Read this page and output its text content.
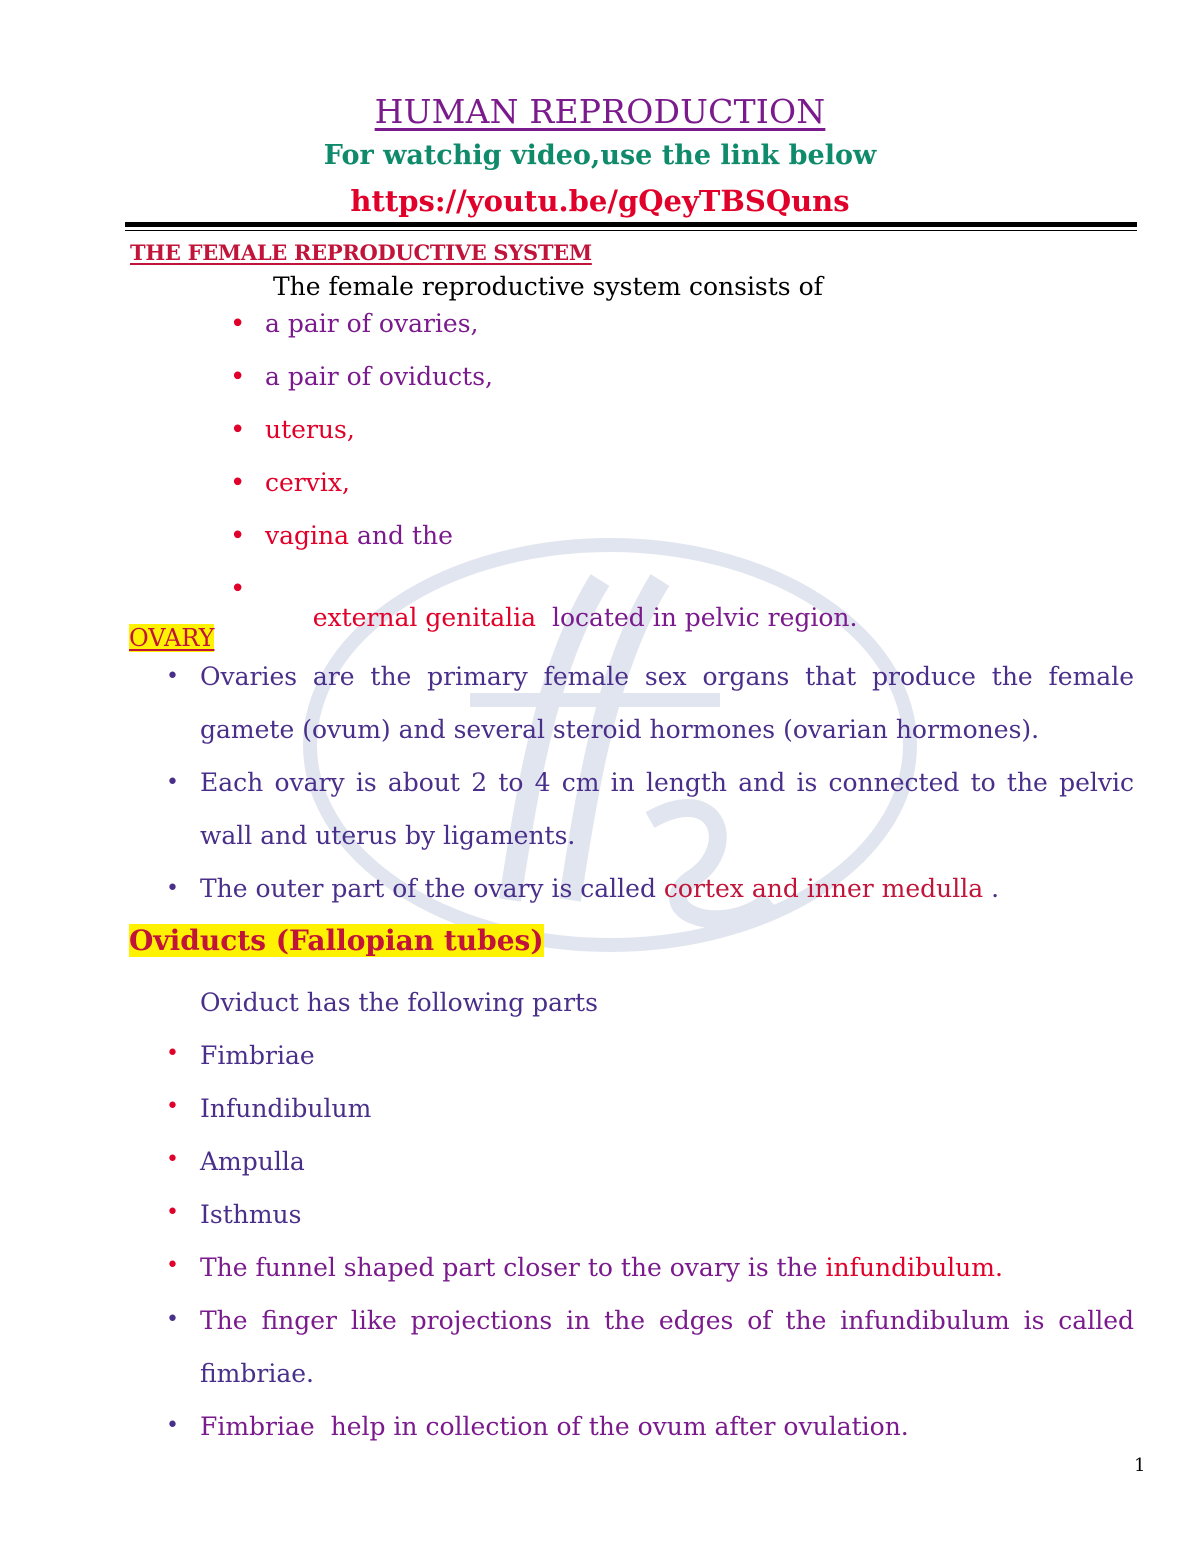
HUMAN REPRODUCTION
For watchig video,use the link below
https://youtu.be/gQeyTBSQuns
THE FEMALE REPRODUCTIVE SYSTEM
The female reproductive system consists of
• a pair of ovaries,
• a pair of oviducts,
• uterus,
• cervix,
• vagina and the
•

external genitalia  located in pelvic region.

OVARY
• Ovaries are the primary female sex organs that produce the female
gamete (ovum) and several steroid hormones (ovarian hormones).
• Each ovary is about 2 to 4 cm in length and is connected to the pelvic
wall and uterus by ligaments.
• The outer part of the ovary is called cortex and inner medulla .
Oviducts (Fallopian tubes)
Oviduct has the following parts
• Fimbriae
• Infundibulum
• Ampulla
• Isthmus
• The funnel shaped part closer to the ovary is the infundibulum.
• The finger like projections in the edges of the infundibulum is called
fimbriae.
• Fimbriae  help in collection of the ovum after ovulation.
1
